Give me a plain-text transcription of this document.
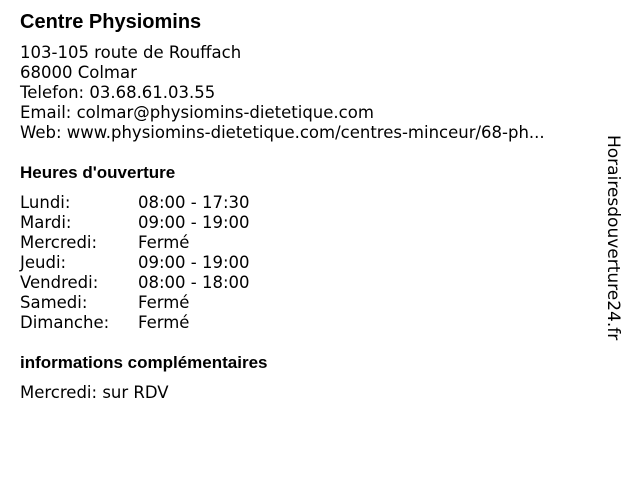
Centre Physiomins
103-105 route de Rouffach
68000 Colmar
Telefon: 03.68.61.03.55
Email: colmar@physiomins-dietetique.com
Web: www.physiomins-dietetique.com/centres-minceur/68-ph...
Heures d'ouverture
Lundi:	08:00 - 17:30
Mardi:	09:00 - 19:00
Mercredi: Fermé
Jeudi:	09:00 - 19:00
Vendredi: 08:00 - 18:00
Samedi:	Fermé
Dimanche: Fermé
informations complémentaires
Mercredi: sur RDV
Horairesdouverture24.fr
